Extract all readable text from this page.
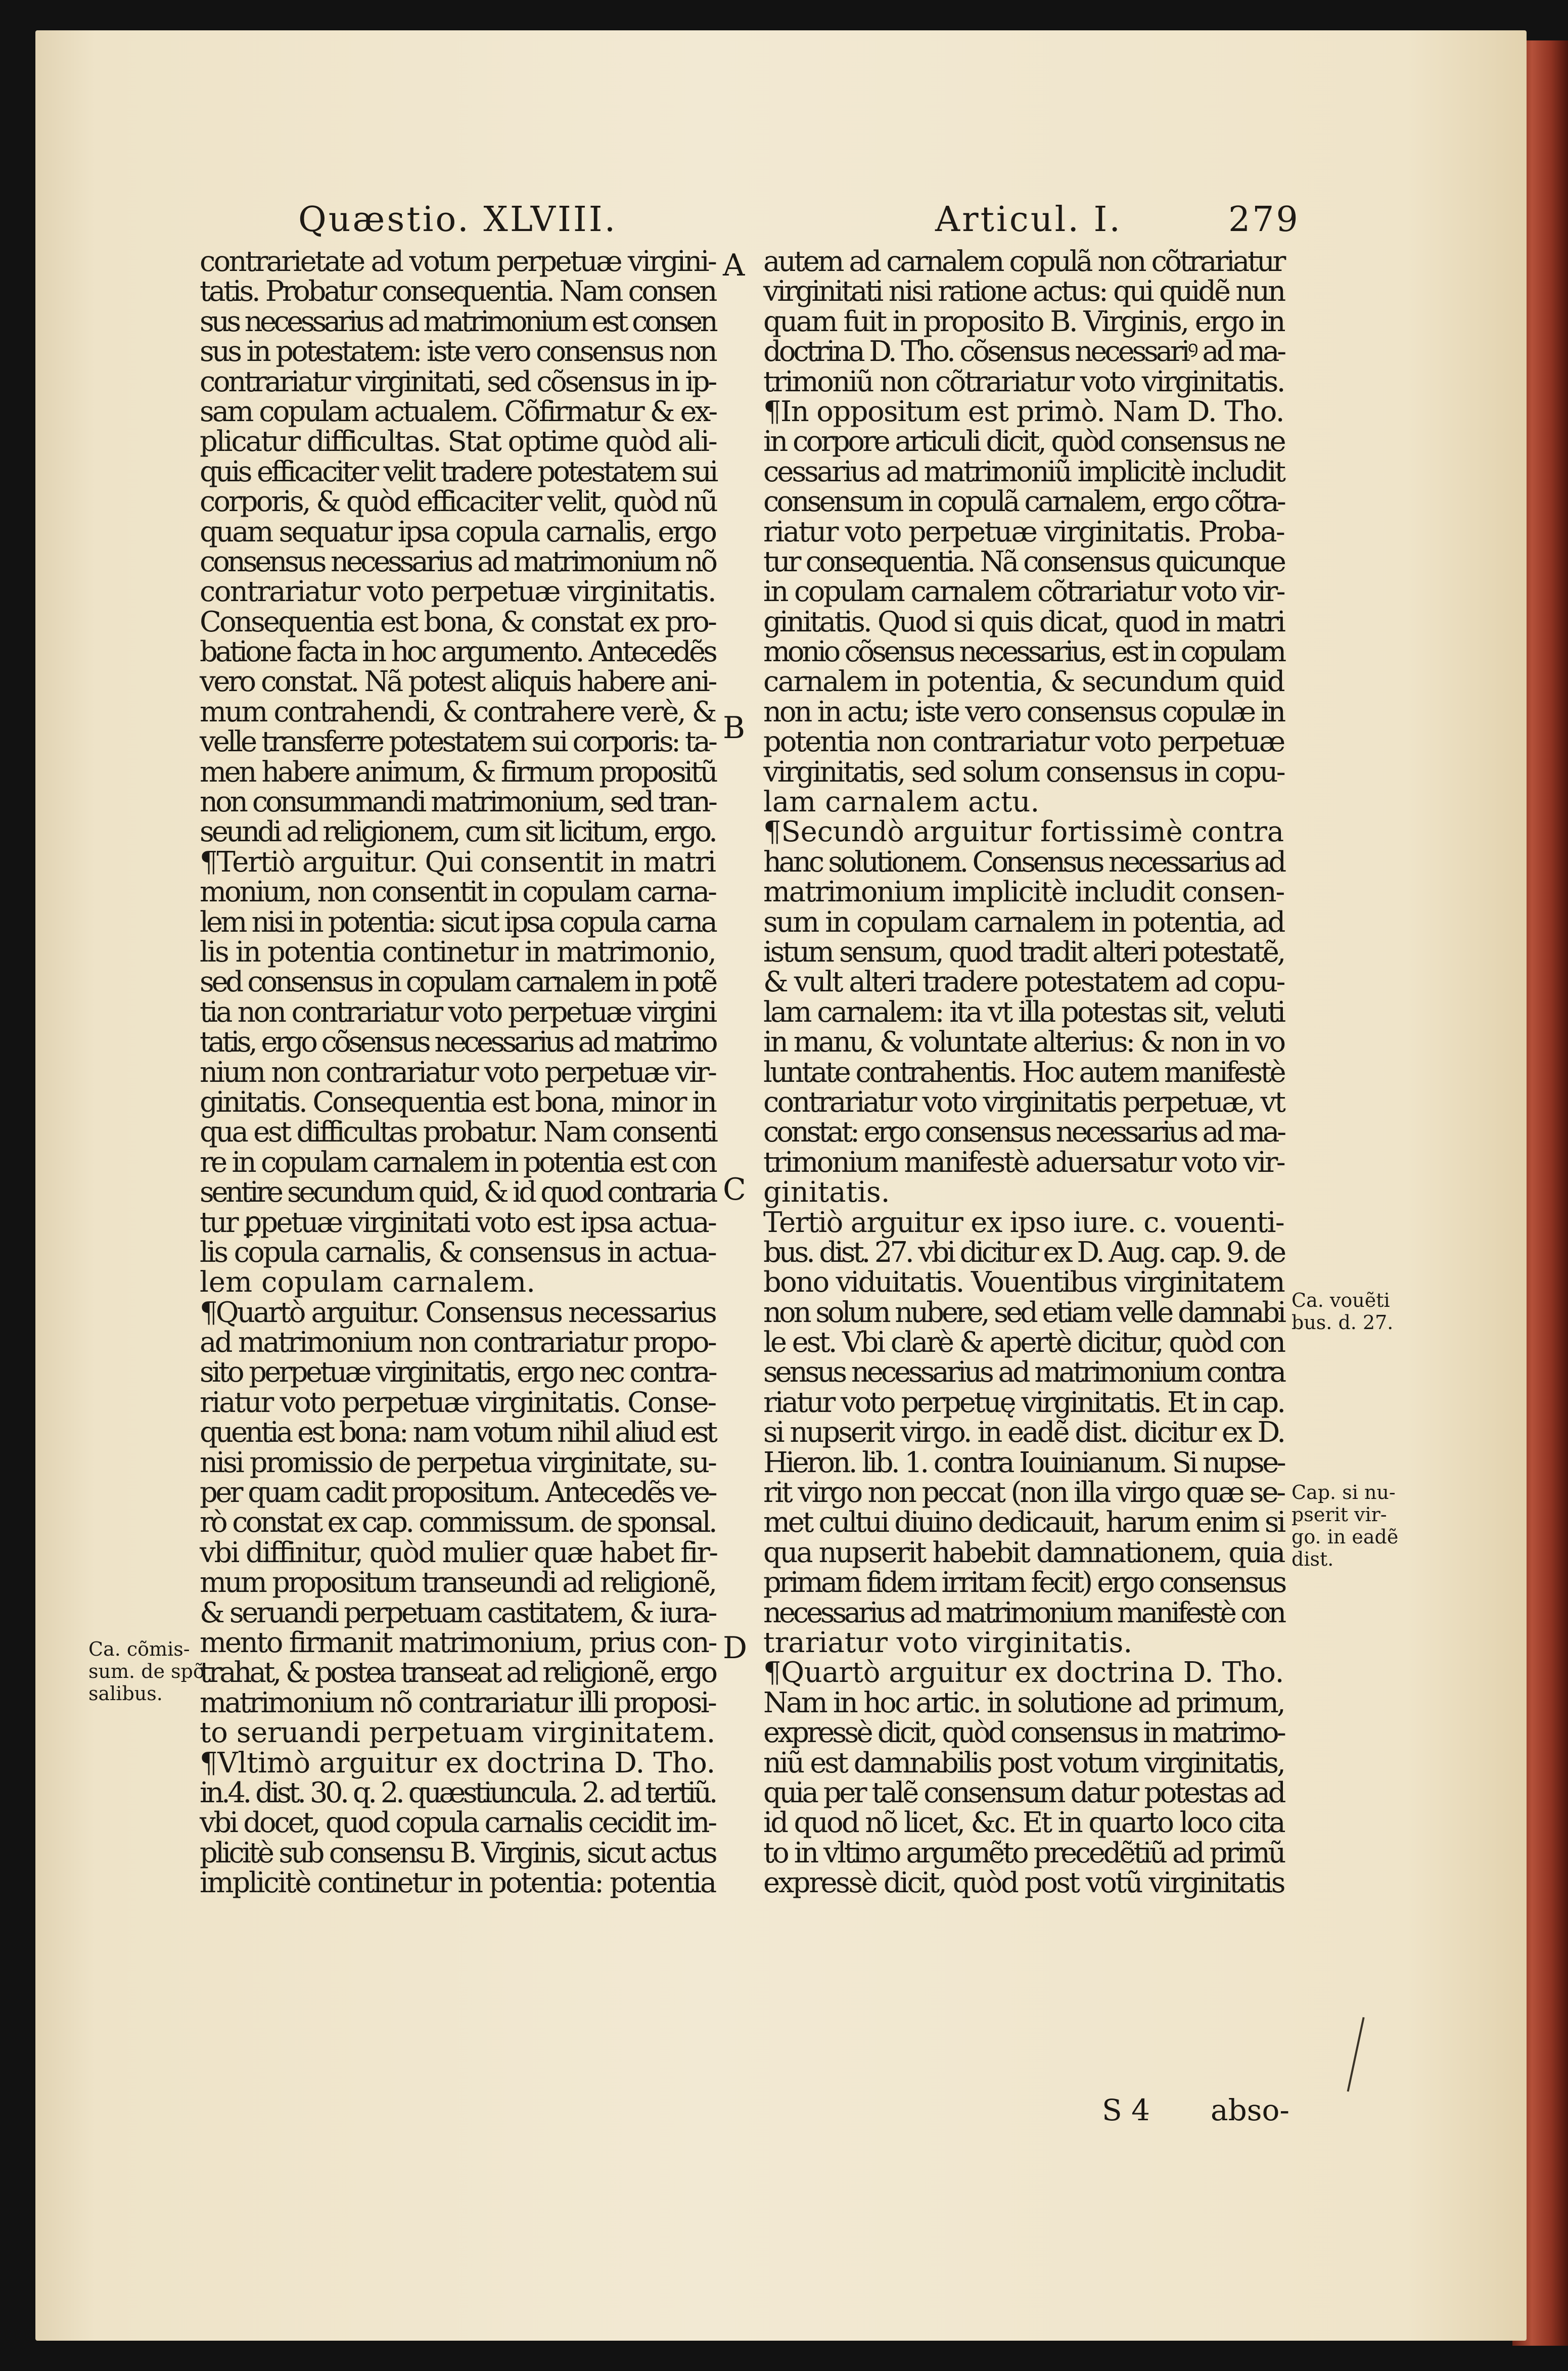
Quæstio. XLVIII.	Articul. I.	279
contrarietate ad votum perpetuæ virgini-
tatis. Probatur consequentia. Nam consen
sus necessarius ad matrimonium est consen
sus in potestatem: iste vero consensus non
contrariatur virginitati, sed cõsensus in ip-
sam copulam actualem. Cõfirmatur & ex-
plicatur difficultas. Stat optime quòd ali-
quis efficaciter velit tradere potestatem sui
corporis, & quòd efficaciter velit, quòd nũ
quam sequatur ipsa copula carnalis, ergo
consensus necessarius ad matrimonium nõ
contrariatur voto perpetuæ virginitatis.
Consequentia est bona, & constat ex pro-
batione facta in hoc argumento. Antecedẽs
vero constat. Nã potest aliquis habere ani-
mum contrahendi, & contrahere verè, &
velle transferre potestatem sui corporis: ta-
men habere animum, & firmum propositũ
non consummandi matrimonium, sed tran-
seundi ad religionem, cum sit licitum, ergo.
¶Tertiò arguitur. Qui consentit in matri
monium, non consentit in copulam carna-
lem nisi in potentia: sicut ipsa copula carna
lis in potentia continetur in matrimonio,
sed consensus in copulam carnalem in potẽ
tia non contrariatur voto perpetuæ virgini
tatis, ergo cõsensus necessarius ad matrimo
nium non contrariatur voto perpetuæ vir-
ginitatis. Consequentia est bona, minor in
qua est difficultas probatur. Nam consenti
re in copulam carnalem in potentia est con
sentire secundum quid, & id quod contraria
tur ꝑpetuæ virginitati voto est ipsa actua-
lis copula carnalis, & consensus in actua-
lem copulam carnalem.
¶Quartò arguitur. Consensus necessarius
ad matrimonium non contrariatur propo-
sito perpetuæ virginitatis, ergo nec contra-
riatur voto perpetuæ virginitatis. Conse-
quentia est bona: nam votum nihil aliud est
nisi promissio de perpetua virginitate, su-
per quam cadit propositum. Antecedẽs ve-
rò constat ex cap. commissum. de sponsal.
vbi diffinitur, quòd mulier quæ habet fir-
mum propositum transeundi ad religionẽ,
& seruandi perpetuam castitatem, & iura-
mento firmanit matrimonium, prius con-
trahat, & postea transeat ad religionẽ, ergo
matrimonium nõ contrariatur illi proposi-
to seruandi perpetuam virginitatem.
¶Vltimò arguitur ex doctrina D. Tho.
in.4. dist. 30. q. 2. quæstiuncula. 2. ad tertiũ.
vbi docet, quod copula carnalis cecidit im-
plicitè sub consensu B. Virginis, sicut actus
implicitè continetur in potentia: potentia
autem ad carnalem copulã non cõtrariatur
virginitati nisi ratione actus: qui quidẽ nun
quam fuit in proposito B. Virginis, ergo in
doctrina D. Tho. cõsensus necessariꝰ ad ma-
trimoniũ non cõtrariatur voto virginitatis.
¶In oppositum est primò. Nam D. Tho.
in corpore articuli dicit, quòd consensus ne
cessarius ad matrimoniũ implicitè includit
consensum in copulã carnalem, ergo cõtra-
riatur voto perpetuæ virginitatis. Proba-
tur consequentia. Nã consensus quicunque
in copulam carnalem cõtrariatur voto vir-
ginitatis. Quod si quis dicat, quod in matri
monio cõsensus necessarius, est in copulam
carnalem in potentia, & secundum quid
non in actu; iste vero consensus copulæ in
potentia non contrariatur voto perpetuæ
virginitatis, sed solum consensus in copu-
lam carnalem actu.
¶Secundò arguitur fortissimè contra
hanc solutionem. Consensus necessarius ad
matrimonium implicitè includit consen-
sum in copulam carnalem in potentia, ad
istum sensum, quod tradit alteri potestatẽ,
& vult alteri tradere potestatem ad copu-
lam carnalem: ita vt illa potestas sit, veluti
in manu, & voluntate alterius: & non in vo
luntate contrahentis. Hoc autem manifestè
contrariatur voto virginitatis perpetuæ, vt
constat: ergo consensus necessarius ad ma-
trimonium manifestè aduersatur voto vir-
ginitatis.
Tertiò arguitur ex ipso iure. c. vouenti-
bus. dist. 27. vbi dicitur ex D. Aug. cap. 9. de
bono viduitatis. Vouentibus virginitatem
non solum nubere, sed etiam velle damnabi
le est. Vbi clarè & apertè dicitur, quòd con
sensus necessarius ad matrimonium contra
riatur voto perpetuę virginitatis. Et in cap.
si nupserit virgo. in eadẽ dist. dicitur ex D.
Hieron. lib. 1. contra Iouinianum. Si nupse-
rit virgo non peccat (non illa virgo quæ se-
met cultui diuino dedicauit, harum enim si
qua nupserit habebit damnationem, quia
primam fidem irritam fecit) ergo consensus
necessarius ad matrimonium manifestè con
trariatur voto virginitatis.
¶Quartò arguitur ex doctrina D. Tho.
Nam in hoc artic. in solutione ad primum,
expressè dicit, quòd consensus in matrimo-
niũ est damnabilis post votum virginitatis,
quia per talẽ consensum datur potestas ad
id quod nõ licet, &c. Et in quarto loco cita
to in vltimo argumẽto precedẽtiũ ad primũ
expressè dicit, quòd post votũ virginitatis
A
B
C
D
Ca. cõmis-
sum. de spõ
salibus.
Ca. vouẽti
bus. d. 27.
Cap. si nu-
pserit vir-
go. in eadẽ
dist.
S 4 abso-
